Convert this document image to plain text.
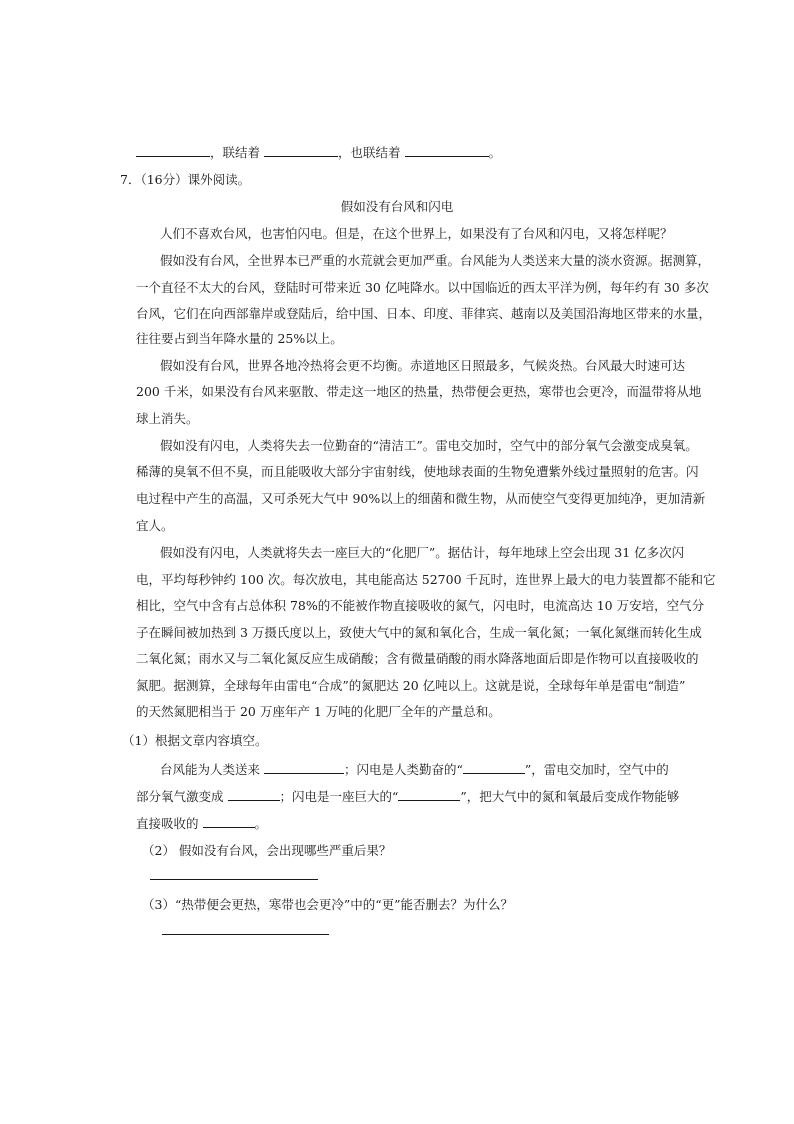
，联结着	，也联结着	。
7．（16分）课外阅读。
假如没有台风和闪电
人们不喜欢台风，也害怕闪电。但是，在这个世界上，如果没有了台风和闪电，又将怎样呢？
假如没有台风，全世界本已严重的水荒就会更加严重。台风能为人类送来大量的淡水资源。据测算，
一个直径不太大的台风，登陆时可带来近 30 亿吨降水。以中国临近的西太平洋为例，每年约有 30 多次
台风，它们在向西部靠岸或登陆后，给中国、日本、印度、菲律宾、越南以及美国沿海地区带来的水量，
往往要占到当年降水量的 25%以上。
假如没有台风，世界各地冷热将会更不均衡。赤道地区日照最多，气候炎热。台风最大时速可达
200 千米，如果没有台风来驱散、带走这一地区的热量，热带便会更热，寒带也会更冷，而温带将从地
球上消失。
假如没有闪电，人类将失去一位勤奋的“清洁工”。雷电交加时，空气中的部分氧气会激变成臭氧。
稀薄的臭氧不但不臭，而且能吸收大部分宇宙射线，使地球表面的生物免遭紫外线过量照射的危害。闪
电过程中产生的高温，又可杀死大气中 90%以上的细菌和微生物，从而使空气变得更加纯净，更加清新
宜人。
假如没有闪电，人类就将失去一座巨大的“化肥厂”。据估计，每年地球上空会出现 31 亿多次闪
电，平均每秒钟约 100 次。每次放电，其电能高达 52700 千瓦时，连世界上最大的电力装置都不能和它
相比，空气中含有占总体积 78%的不能被作物直接吸收的氮气，闪电时，电流高达 10 万安培，空气分
子在瞬间被加热到 3 万摄氏度以上，致使大气中的氮和氧化合，生成一氧化氮；一氧化氮继而转化生成
二氧化氮；雨水又与二氧化氮反应生成硝酸；含有微量硝酸的雨水降落地面后即是作物可以直接吸收的
氮肥。据测算，全球每年由雷电“合成”的氮肥达 20 亿吨以上。这就是说，全球每年单是雷电“制造”
的天然氮肥相当于 20 万座年产 1 万吨的化肥厂全年的产量总和。
（1）根据文章内容填空。
台风能为人类送来	；闪电是人类勤奋的“	”，雷电交加时，空气中的
部分氧气激变成	；闪电是一座巨大的“	”，把大气中的氮和氧最后变成作物能够
直接吸收的	。
（2） 假如没有台风，会出现哪些严重后果？
（3）“热带便会更热，寒带也会更冷”中的“更”能否删去？为什么？
